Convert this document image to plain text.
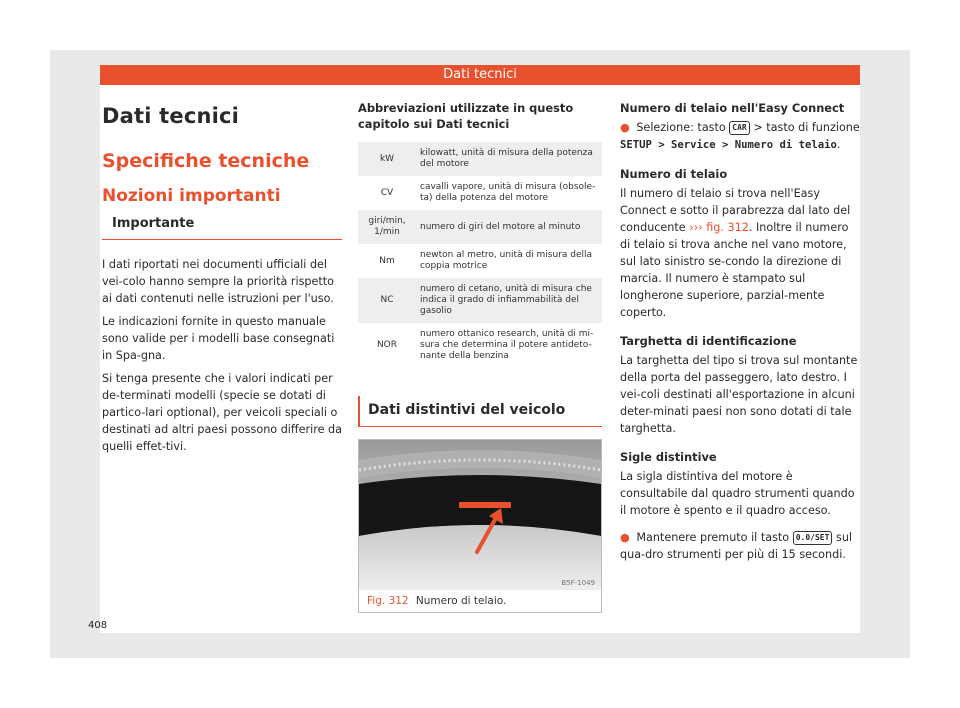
Dati tecnici
Dati tecnici
Specifiche tecniche
Nozioni importanti
Importante

I dati riportati nei documenti ufficiali del vei-colo hanno sempre la priorità rispetto ai dati contenuti nelle istruzioni per l'uso.

Le indicazioni fornite in questo manuale sono valide per i modelli base consegnati in Spa-gna.

Si tenga presente che i valori indicati per de-terminati modelli (specie se dotati di partico-lari optional), per veicoli speciali o destinati ad altri paesi possono differire da quelli effet-tivi.

Abbreviazioni utilizzate in questo capitolo sui Dati tecnici
kW	kilowatt, unità di misura della potenza del motore
CV	cavalli vapore, unità di misura (obsole-ta) della potenza del motore
giri/min, 1/min	numero di giri del motore al minuto
Nm	newton al metro, unità di misura della coppia motrice
NC	numero di cetano, unità di misura che indica il grado di infiammabilità del gasolio
NOR	numero ottanico research, unità di mi-sura che determina il potere antideto-nante della benzina
Dati distintivi del veicolo
B5F-1049
Fig. 312 Numero di telaio.
Numero di telaio nell'Easy Connect

● Selezione: tasto CAR > tasto di funzione SETUP > Service > Numero di telaio.

Numero di telaio

Il numero di telaio si trova nell'Easy Connect e sotto il parabrezza dal lato del conducente ››› fig. 312. Inoltre il numero di telaio si trova anche nel vano motore, sul lato sinistro se-condo la direzione di marcia. Il numero è stampato sul longherone superiore, parzial-mente coperto.

Targhetta di identificazione

La targhetta del tipo si trova sul montante della porta del passeggero, lato destro. I vei-coli destinati all'esportazione in alcuni deter-minati paesi non sono dotati di tale targhetta.

Sigle distintive

La sigla distintiva del motore è consultabile dal quadro strumenti quando il motore è spento e il quadro acceso.

● Mantenere premuto il tasto 0.0/SET sul qua-dro strumenti per più di 15 secondi.

408
